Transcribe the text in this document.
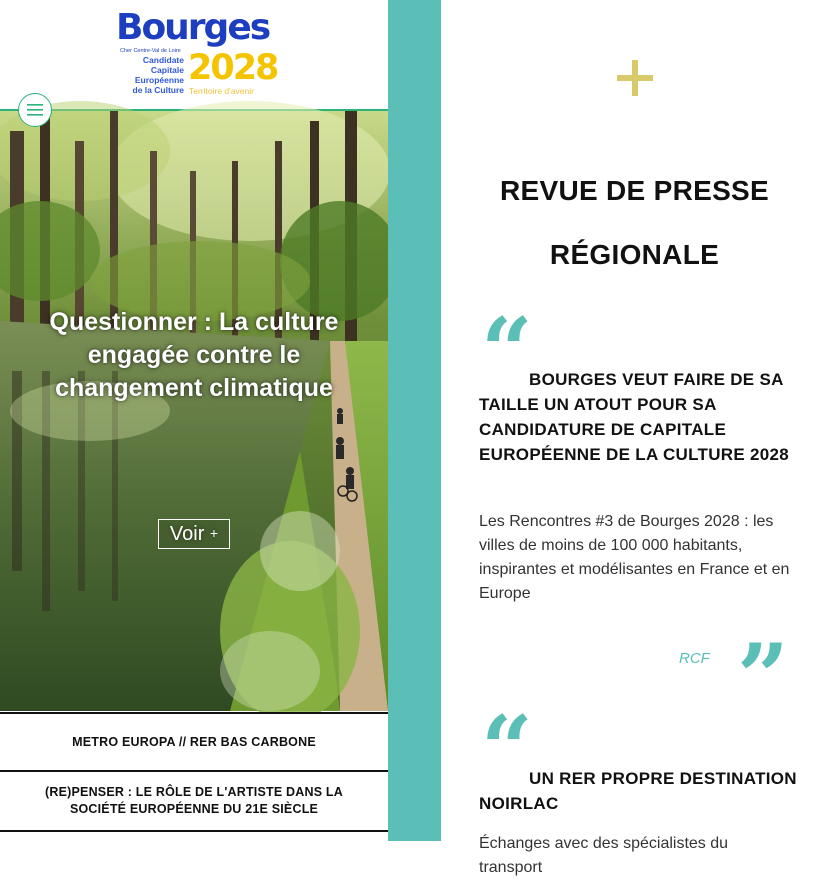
Bourges
Cher Centre-Val de Loire
Candidate
Capitale
Européenne
de la Culture
2028
Territoire d'avenir
Questionner : La culture engagée contre le changement climatique
Voir +
METRO EUROPA // RER BAS CARBONE
(RE)PENSER : LE RÔLE DE L'ARTISTE DANS LA SOCIÉTÉ EUROPÉENNE DU 21E SIÈCLE
REVUE DE PRESSE
RÉGIONALE
“
BOURGES VEUT FAIRE DE SA TAILLE UN ATOUT POUR SA CANDIDATURE DE CAPITALE EUROPÉENNE DE LA CULTURE 2028
Les Rencontres #3 de Bourges 2028 : les villes de moins de 100 000 habitants, inspirantes et modélisantes en France et en Europe
RCF ”
“
UN RER PROPRE DESTINATION NOIRLAC
Échanges avec des spécialistes du transport
